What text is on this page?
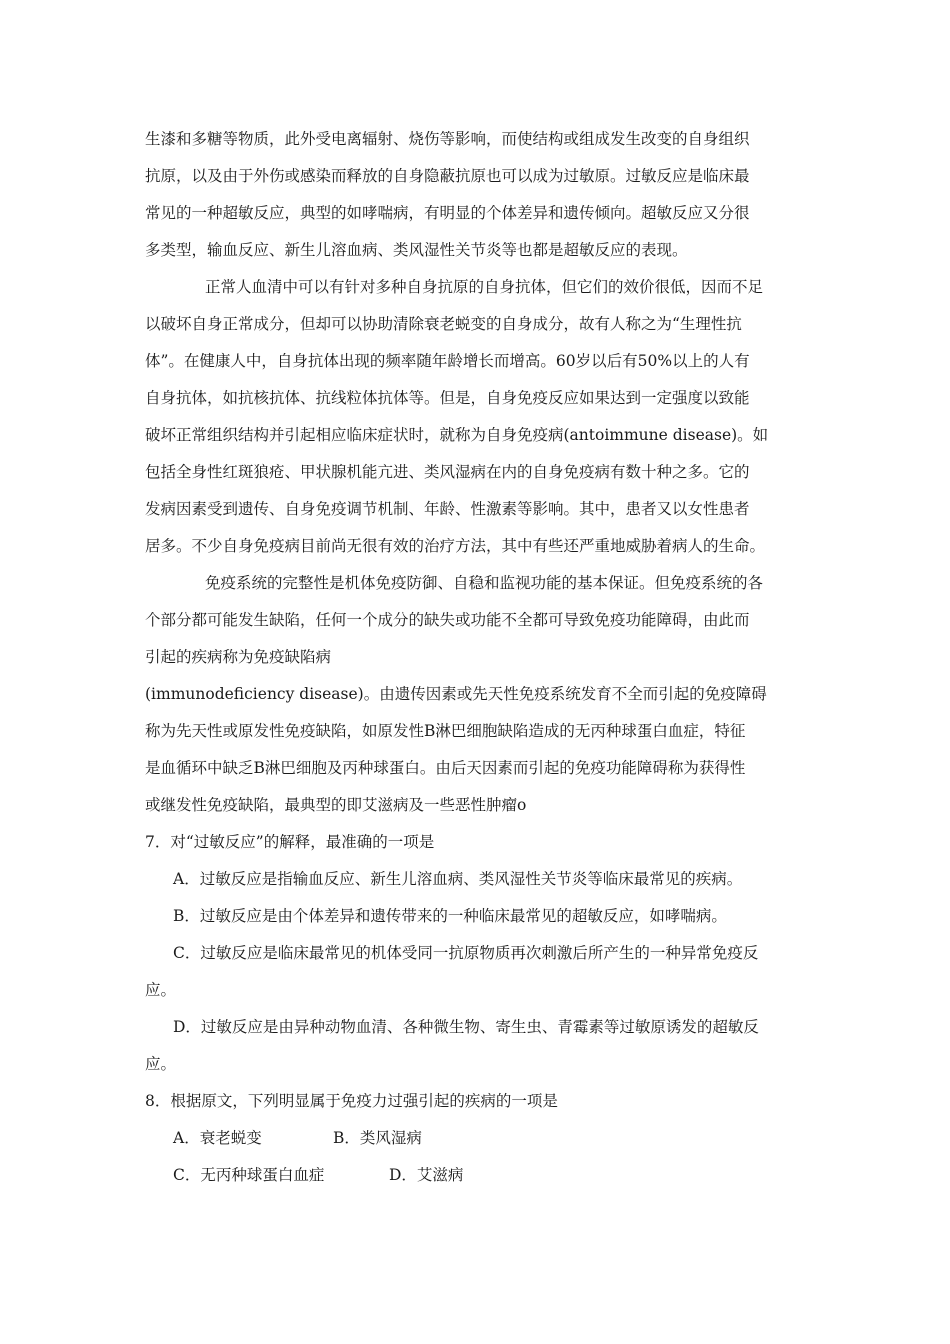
生漆和多糖等物质，此外受电离辐射、烧伤等影响，而使结构或组成发生改变的自身组织
抗原，以及由于外伤或感染而释放的自身隐蔽抗原也可以成为过敏原。过敏反应是临床最
常见的一种超敏反应，典型的如哮喘病，有明显的个体差异和遗传倾向。超敏反应又分很
多类型，输血反应、新生儿溶血病、类风湿性关节炎等也都是超敏反应的表现。
正常人血清中可以有针对多种自身抗原的自身抗体，但它们的效价很低，因而不足
以破坏自身正常成分，但却可以协助清除衰老蜕变的自身成分，故有人称之为“生理性抗
体”。在健康人中，自身抗体出现的频率随年龄增长而增高。60岁以后有50%以上的人有
自身抗体，如抗核抗体、抗线粒体抗体等。但是，自身免疫反应如果达到一定强度以致能
破坏正常组织结构并引起相应临床症状时，就称为自身免疫病(antoimmune disease)。如
包括全身性红斑狼疮、甲状腺机能亢进、类风湿病在内的自身免疫病有数十种之多。它的
发病因素受到遗传、自身免疫调节机制、年龄、性激素等影响。其中，患者又以女性患者
居多。不少自身免疫病目前尚无很有效的治疗方法，其中有些还严重地威胁着病人的生命。
免疫系统的完整性是机体免疫防御、自稳和监视功能的基本保证。但免疫系统的各
个部分都可能发生缺陷，任何一个成分的缺失或功能不全都可导致免疫功能障碍，由此而
引起的疾病称为免疫缺陷病
(immunodeficiency disease)。由遗传因素或先天性免疫系统发育不全而引起的免疫障碍
称为先天性或原发性免疫缺陷，如原发性B淋巴细胞缺陷造成的无丙种球蛋白血症，特征
是血循环中缺乏B淋巴细胞及丙种球蛋白。由后天因素而引起的免疫功能障碍称为获得性
或继发性免疫缺陷，最典型的即艾滋病及一些恶性肿瘤o
7．对“过敏反应”的解释，最准确的一项是
A．过敏反应是指输血反应、新生儿溶血病、类风湿性关节炎等临床最常见的疾病。
B．过敏反应是由个体差异和遗传带来的一种临床最常见的超敏反应，如哮喘病。
C．过敏反应是临床最常见的机体受同一抗原物质再次刺激后所产生的一种异常免疫反
应。
D．过敏反应是由异种动物血清、各种微生物、寄生虫、青霉素等过敏原诱发的超敏反
应。
8．根据原文，下列明显属于免疫力过强引起的疾病的一项是
A．衰老蜕变	B．类风湿病
C．无丙种球蛋白血症	D．艾滋病
